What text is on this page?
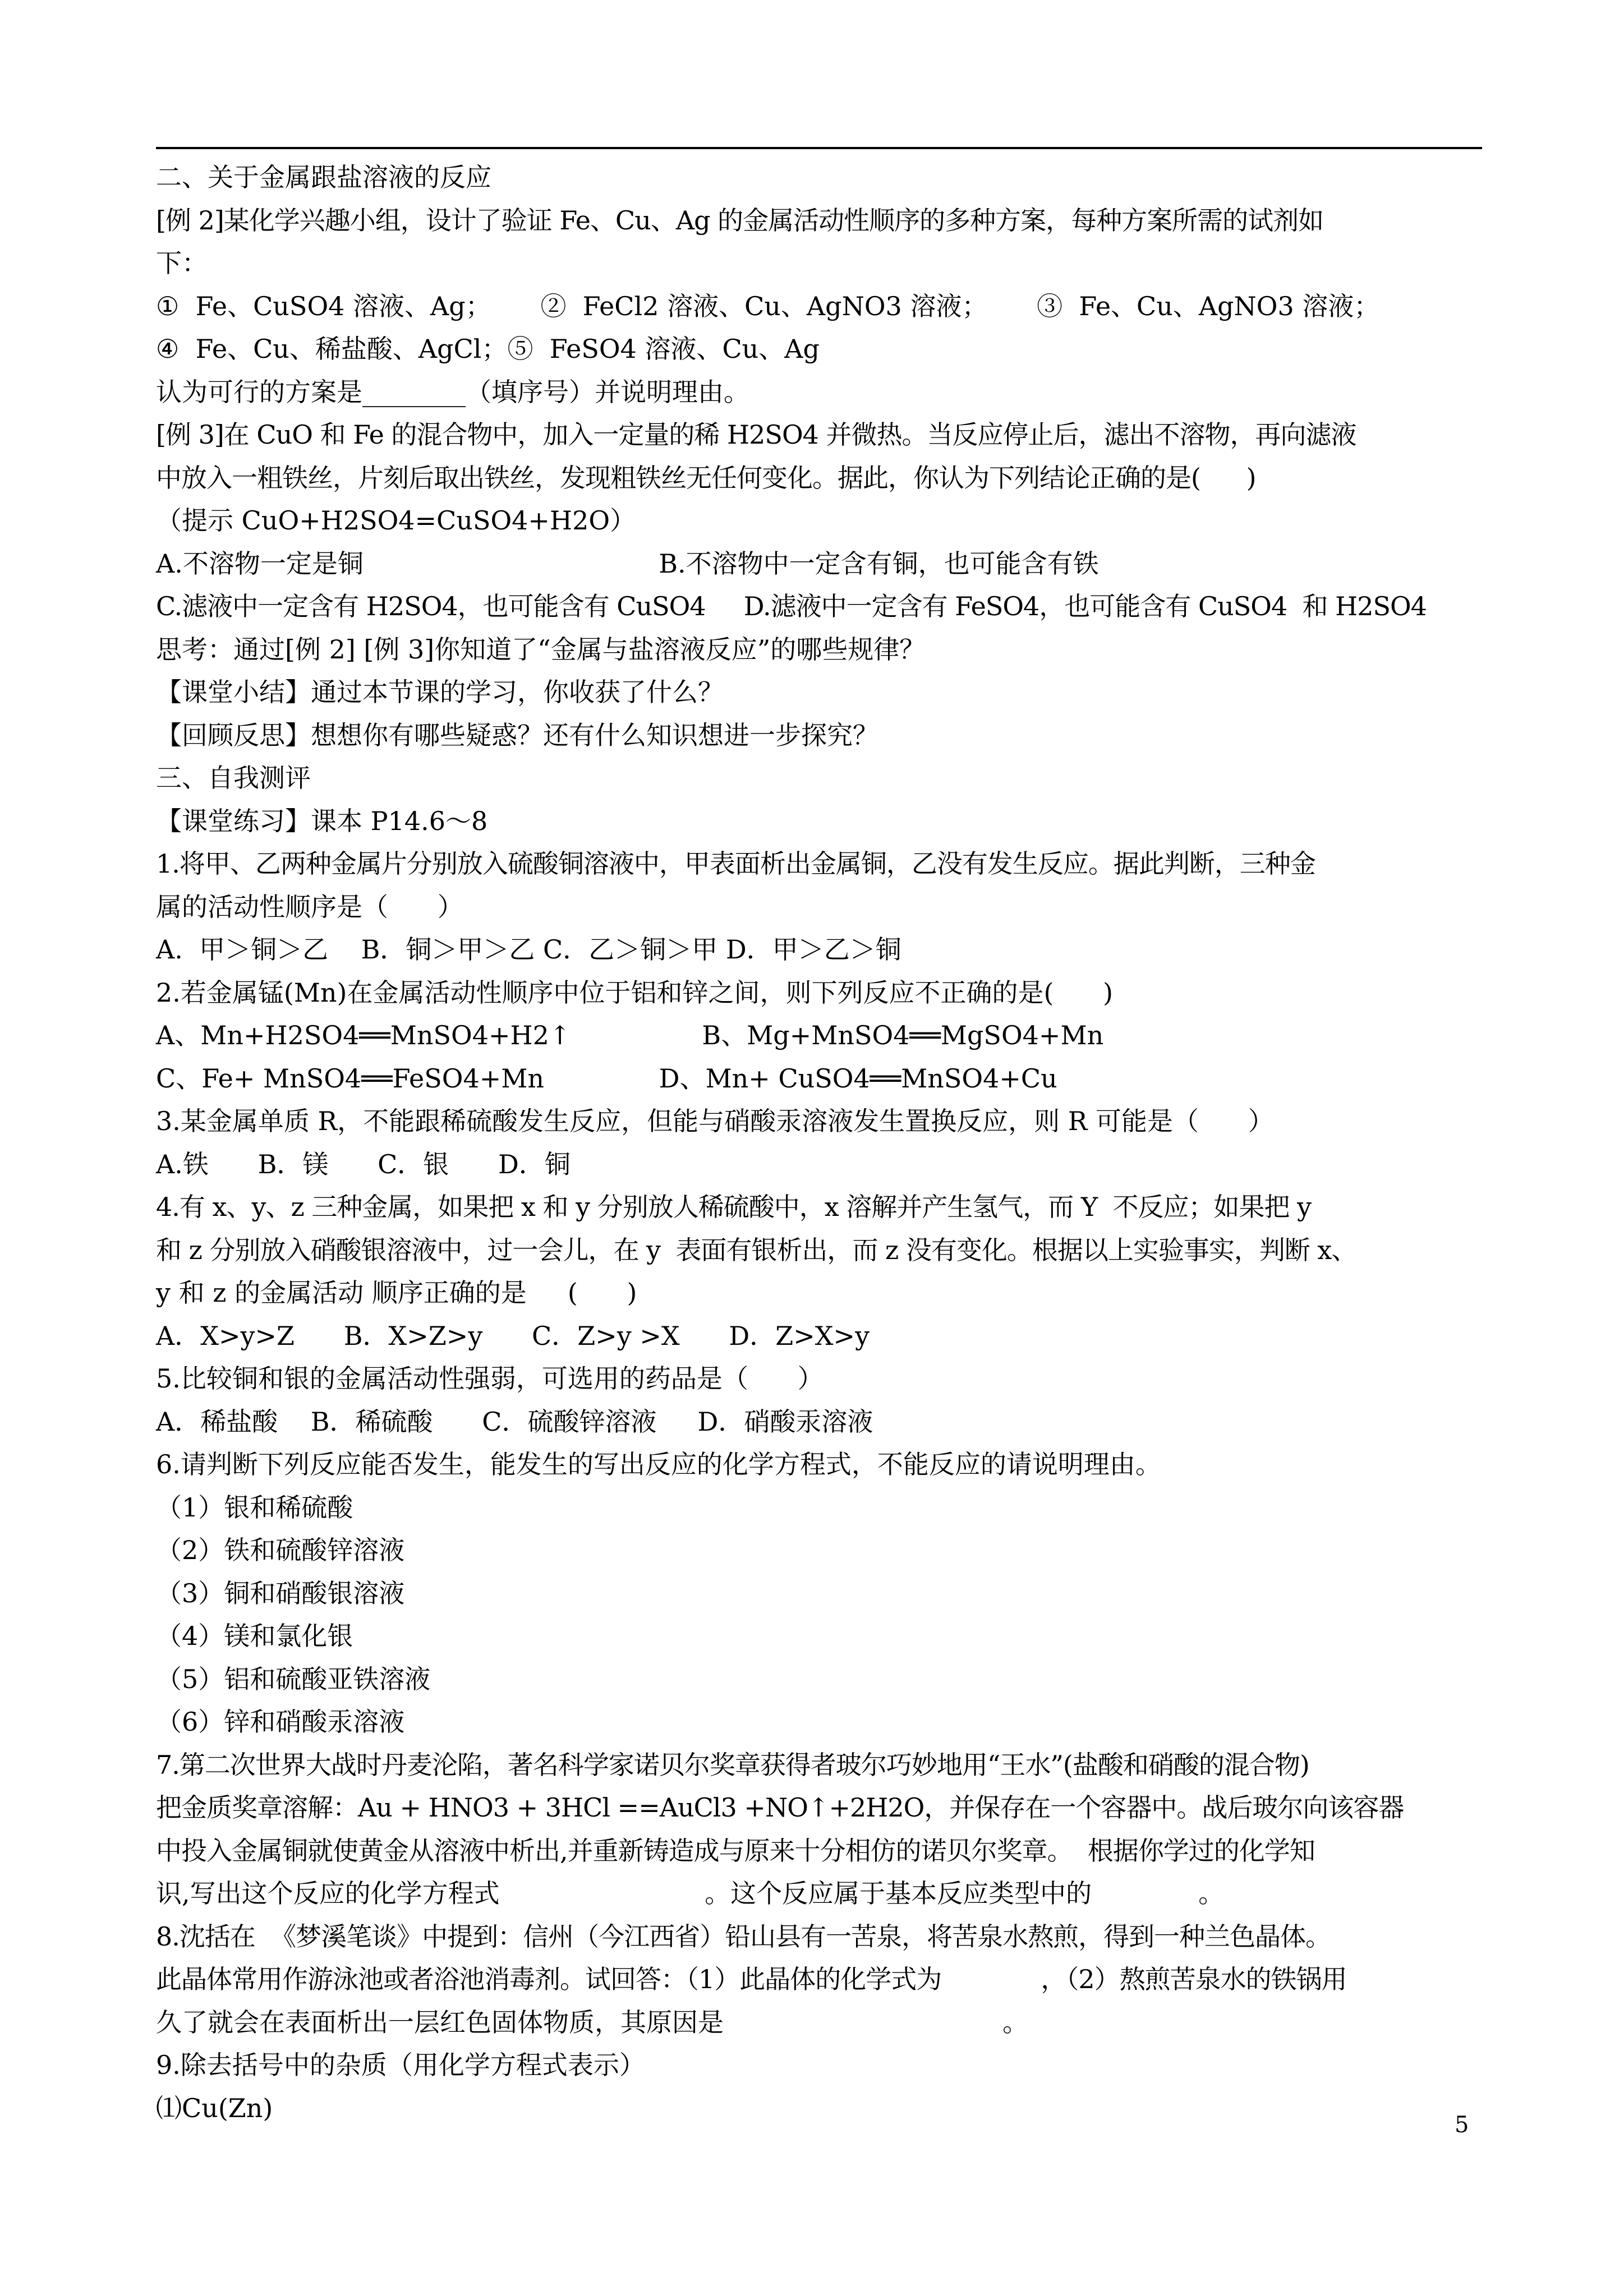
二、关于金属跟盐溶液的反应
[例 2]某化学兴趣小组，设计了验证 Fe、Cu、Ag 的金属活动性顺序的多种方案，每种方案所需的试剂如
下：
①  Fe、CuSO4 溶液、Ag；      ②  FeCl2 溶液、Cu、AgNO3 溶液；      ③  Fe、Cu、AgNO3 溶液；
④  Fe、Cu、稀盐酸、AgCl；⑤  FeSO4 溶液、Cu、Ag
认为可行的方案是________（填序号）并说明理由。
[例 3]在 CuO 和 Fe 的混合物中，加入一定量的稀 H2SO4 并微热。当反应停止后，滤出不溶物，再向滤液
中放入一粗铁丝，片刻后取出铁丝，发现粗铁丝无任何变化。据此，你认为下列结论正确的是(      )
（提示 CuO+H2SO4=CuSO4+H2O）
A.不溶物一定是铜                                    B.不溶物中一定含有铜，也可能含有铁
C.滤液中一定含有 H2SO4，也可能含有 CuSO4     D.滤液中一定含有 FeSO4，也可能含有 CuSO4  和 H2SO4
思考：通过[例 2] [例 3]你知道了“金属与盐溶液反应”的哪些规律？
【课堂小结】通过本节课的学习，你收获了什么？
【回顾反思】想想你有哪些疑惑？还有什么知识想进一步探究？
三、自我测评
【课堂练习】课本 P14.6～8
1.将甲、乙两种金属片分别放入硫酸铜溶液中，甲表面析出金属铜，乙没有发生反应。据此判断，三种金
属的活动性顺序是（      ）
A.  甲＞铜＞乙    B．铜＞甲＞乙 C．乙＞铜＞甲 D．甲＞乙＞铜
2.若金属锰(Mn)在金属活动性顺序中位于铝和锌之间，则下列反应不正确的是(      )
A、Mn+H2SO4══MnSO4+H2↑                B、Mg+MnSO4══MgSO4+Mn
C、Fe+ MnSO4══FeSO4+Mn              D、Mn+ CuSO4══MnSO4+Cu
3.某金属单质 R，不能跟稀硫酸发生反应，但能与硝酸汞溶液发生置换反应，则 R 可能是（      ）
A.铁      B．镁      C．银      D．铜
4.有 x、y、z 三种金属，如果把 x 和 y 分别放人稀硫酸中，x 溶解并产生氢气，而 Y  不反应；如果把 y
和 z 分别放入硝酸银溶液中，过一会儿，在 y  表面有银析出，而 z 没有变化。根据以上实验事实，判断 x、
y 和 z 的金属活动 顺序正确的是     (      )
A．X>y>Z      B．X>Z>y      C．Z>y >X      D．Z>X>y
5.比较铜和银的金属活动性强弱，可选用的药品是（      ）
A．稀盐酸    B．稀硫酸      C．硫酸锌溶液     D．硝酸汞溶液
6.请判断下列反应能否发生，能发生的写出反应的化学方程式，不能反应的请说明理由。
（1）银和稀硫酸
（2）铁和硫酸锌溶液
（3）铜和硝酸银溶液
（4）镁和氯化银
（5）铝和硫酸亚铁溶液
（6）锌和硝酸汞溶液
7.第二次世界大战时丹麦沦陷，著名科学家诺贝尔奖章获得者玻尔巧妙地用“王水”(盐酸和硝酸的混合物)
把金质奖章溶解：Au + HNO3 + 3HCl ==AuCl3 +NO↑+2H2O，并保存在一个容器中。战后玻尔向该容器
中投入金属铜就使黄金从溶液中析出,并重新铸造成与原来十分相仿的诺贝尔奖章。  根据你学过的化学知
识,写出这个反应的化学方程式                         。这个反应属于基本反应类型中的             。
8.沈括在  《梦溪笔谈》中提到：信州（今江西省）铅山县有一苦泉，将苦泉水熬煎，得到一种兰色晶体。
此晶体常用作游泳池或者浴池消毒剂。试回答：（1）此晶体的化学式为             ，（2）熬煎苦泉水的铁锅用
久了就会在表面析出一层红色固体物质，其原因是                                  。
9.除去括号中的杂质（用化学方程式表示）
⑴Cu(Zn)
5
